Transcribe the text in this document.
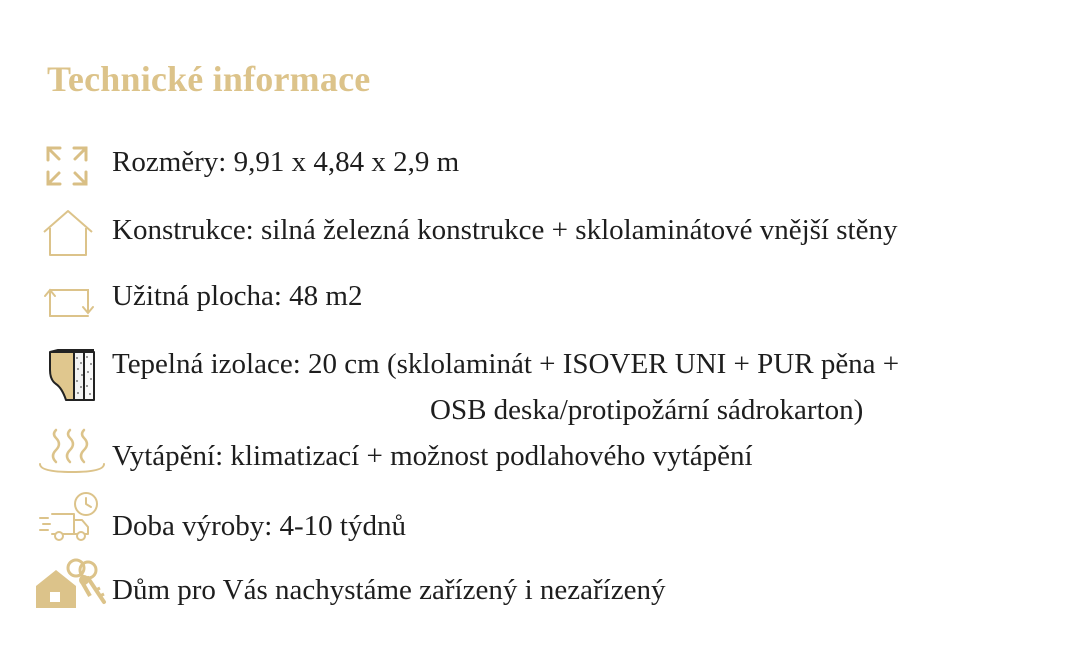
Technické informace
Rozměry: 9,91 x 4,84 x 2,9 m
Konstrukce: silná železná konstrukce + sklolaminátové vnější stěny
Užitná plocha: 48 m2
Tepelná izolace: 20 cm (sklolaminát + ISOVER UNI + PUR pěna +
OSB deska/protipožární sádrokarton)
Vytápění: klimatizací + možnost podlahového vytápění
Doba výroby: 4-10 týdnů
Dům pro Vás nachystáme zařízený i nezařízený
